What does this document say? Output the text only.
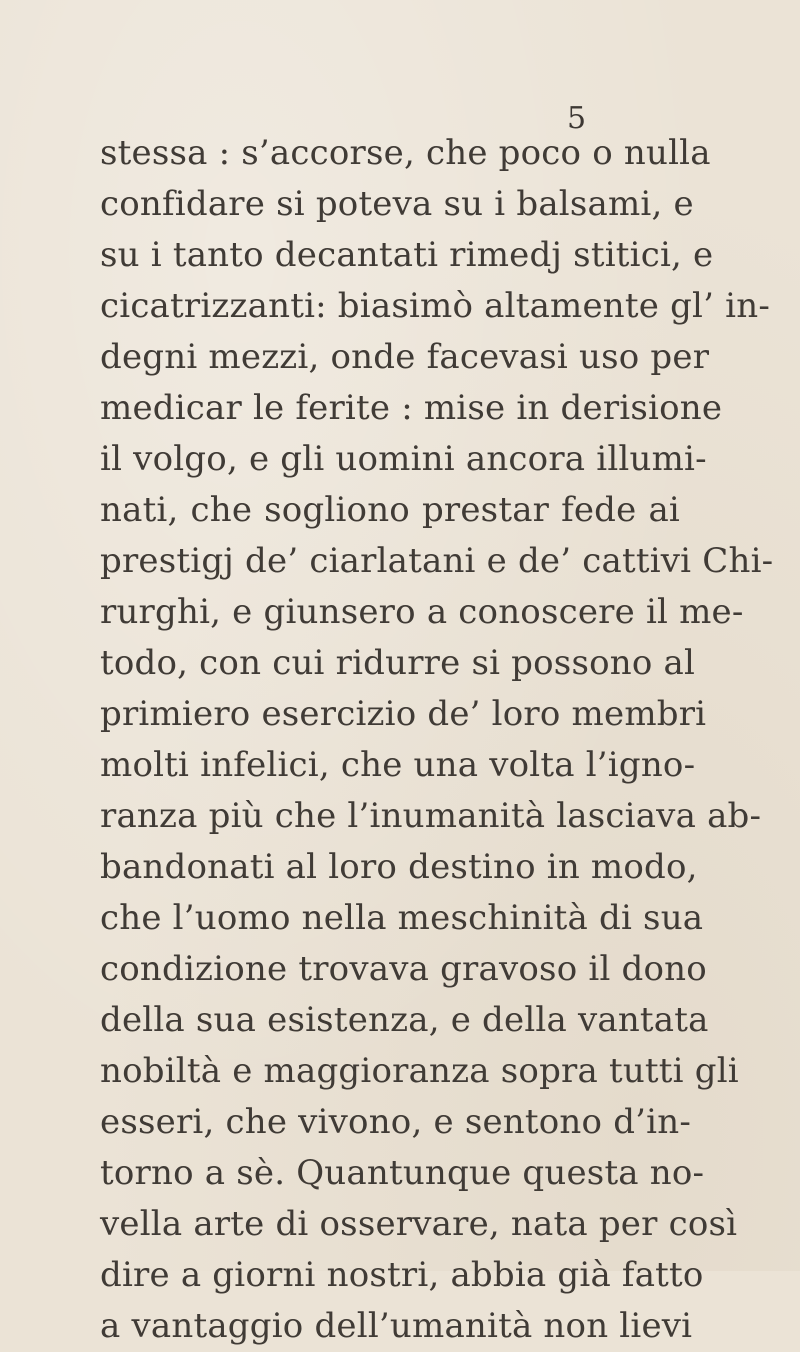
5
stessa : s’accorse, che poco o nulla
confidare si poteva su i balsami, e
su i tanto decantati rimedj stitici, e
cicatrizzanti: biasimò altamente gl’ in-
degni mezzi, onde facevasi uso per
medicar le ferite : mise in derisione
il volgo, e gli uomini ancora illumi-
nati, che sogliono prestar fede ai
prestigj de’ ciarlatani e de’ cattivi Chi-
rurghi, e giunsero a conoscere il me-
todo, con cui ridurre si possono al
primiero esercizio de’ loro membri
molti infelici, che una volta l’igno-
ranza più che l’inumanità lasciava ab-
bandonati al loro destino in modo,
che l’uomo nella meschinità di sua
condizione trovava gravoso il dono
della sua esistenza, e della vantata
nobiltà e maggioranza sopra tutti gli
esseri, che vivono, e sentono d’in-
torno a sè. Quantunque questa no-
vella arte di osservare, nata per così
dire a giorni nostri, abbia già fatto
a vantaggio dell’umanità non lievi
